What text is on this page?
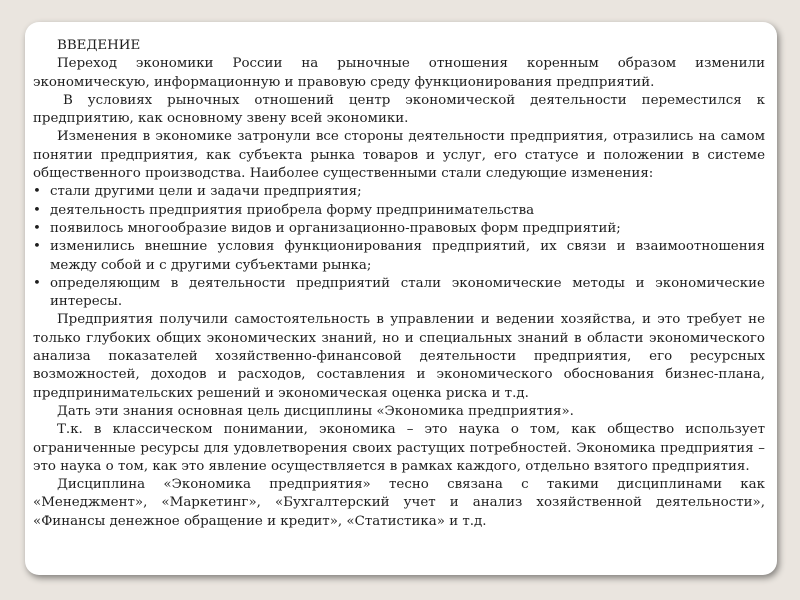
ВВЕДЕНИЕ

Переход экономики России на рыночные отношения коренным образом изменили экономическую, информационную и правовую среду функционирования предприятий.

В условиях рыночных отношений центр экономической деятельности переместился к предприятию, как основному звену всей экономики.

Изменения в экономике затронули все стороны деятельности предприятия, отразились на самом понятии предприятия, как субъекта рынка товаров и услуг, его статусе и положении в системе общественного производства. Наиболее существенными стали следующие изменения:

• стали другими цели и задачи предприятия;
• деятельность предприятия приобрела форму предпринимательства
• появилось многообразие видов и организационно-правовых форм предприятий;
• изменились внешние условия функционирования предприятий, их связи и взаимоотношения между собой и с другими субъектами рынка;
• определяющим в деятельности предприятий стали экономические методы и экономические интересы.

Предприятия получили самостоятельность в управлении и ведении хозяйства, и это требует не только глубоких общих экономических знаний, но и специальных знаний в области экономического анализа показателей хозяйственно-финансовой деятельности предприятия, его ресурсных возможностей, доходов и расходов, составления и экономического обоснования бизнес-плана, предпринимательских решений и экономическая оценка риска и т.д.

Дать эти знания основная цель дисциплины «Экономика предприятия».

Т.к. в классическом понимании, экономика – это наука о том, как общество использует ограниченные ресурсы для удовлетворения своих растущих потребностей. Экономика предприятия – это наука о том, как это явление осуществляется в рамках каждого, отдельно взятого предприятия.

Дисциплина «Экономика предприятия» тесно связана с такими дисциплинами как «Менеджмент», «Маркетинг», «Бухгалтерский учет и анализ хозяйственной деятельности», «Финансы денежное обращение и кредит», «Статистика» и т.д.
